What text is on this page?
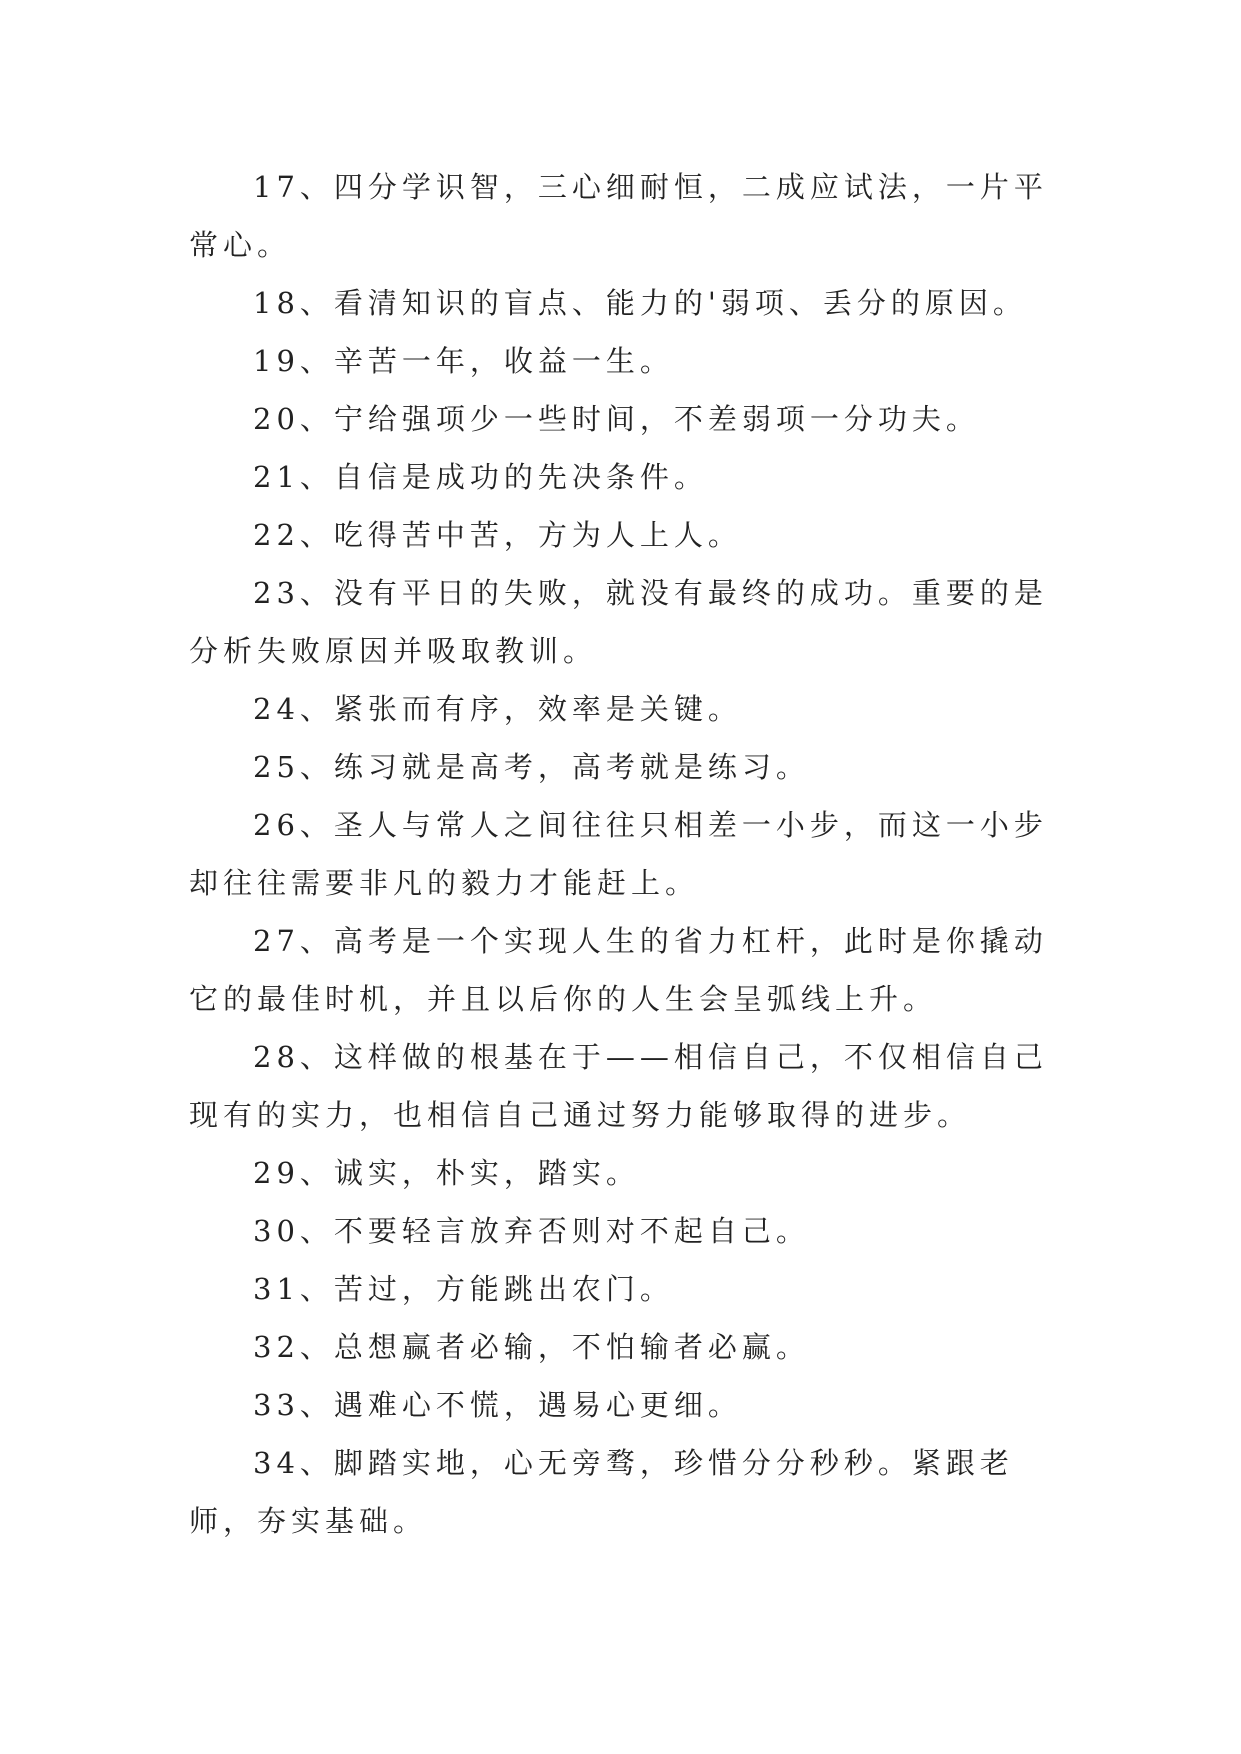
17、四分学识智，三心细耐恒，二成应试法，一片平常心。

18、看清知识的盲点、能力的'弱项、丢分的原因。

19、辛苦一年，收益一生。

20、宁给强项少一些时间，不差弱项一分功夫。

21、自信是成功的先决条件。

22、吃得苦中苦，方为人上人。

23、没有平日的失败，就没有最终的成功。重要的是分析失败原因并吸取教训。

24、紧张而有序，效率是关键。

25、练习就是高考，高考就是练习。

26、圣人与常人之间往往只相差一小步，而这一小步却往往需要非凡的毅力才能赶上。

27、高考是一个实现人生的省力杠杆，此时是你撬动它的最佳时机，并且以后你的人生会呈弧线上升。

28、这样做的根基在于——相信自己，不仅相信自己现有的实力，也相信自己通过努力能够取得的进步。

29、诚实，朴实，踏实。

30、不要轻言放弃否则对不起自己。

31、苦过，方能跳出农门。

32、总想赢者必输，不怕输者必赢。

33、遇难心不慌，遇易心更细。

34、脚踏实地，心无旁骛，珍惜分分秒秒。紧跟老师，夯实基础。
